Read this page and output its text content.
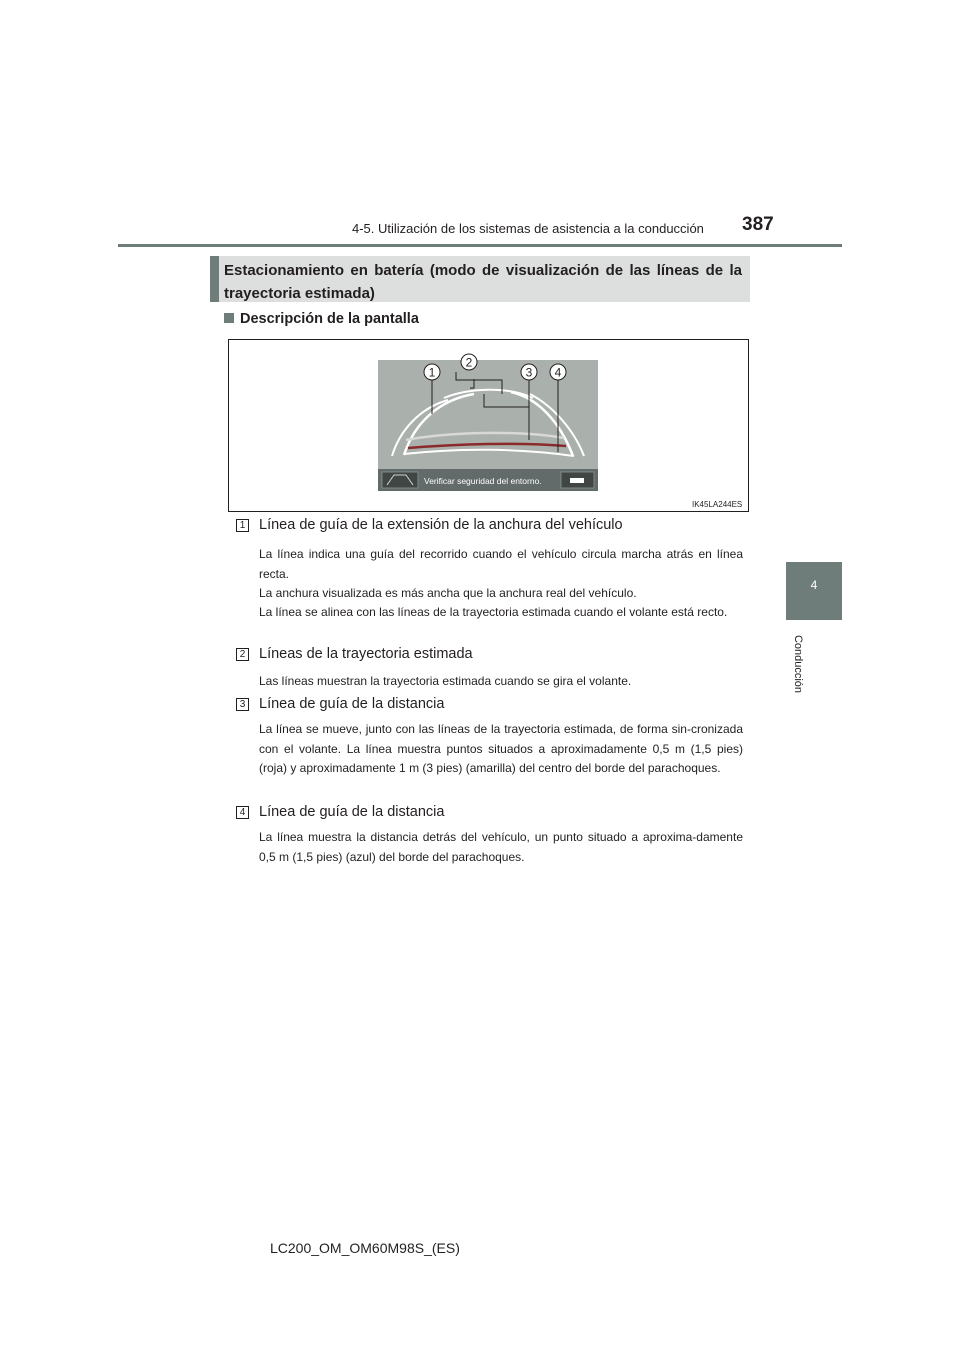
4-5. Utilización de los sistemas de asistencia a la conducción 387
4
Conducción
Estacionamiento en batería (modo de visualización de las líneas de la trayectoria estimada)
Descripción de la pantalla
1
2
3 4
Verificar seguridad del entorno.
IK45LA244ES
1 Línea de guía de la extensión de la anchura del vehículo
La línea indica una guía del recorrido cuando el vehículo circula marcha atrás en línea recta.
La anchura visualizada es más ancha que la anchura real del vehículo.
La línea se alinea con las líneas de la trayectoria estimada cuando el volante está recto.
2 Líneas de la trayectoria estimada
Las líneas muestran la trayectoria estimada cuando se gira el volante.
3 Línea de guía de la distancia
La línea se mueve, junto con las líneas de la trayectoria estimada, de forma sin-cronizada con el volante. La línea muestra puntos situados a aproximadamente 0,5 m (1,5 pies) (roja) y aproximadamente 1 m (3 pies) (amarilla) del centro del borde del parachoques.
4 Línea de guía de la distancia
La línea muestra la distancia detrás del vehículo, un punto situado a aproxima-damente 0,5 m (1,5 pies) (azul) del borde del parachoques.
LC200_OM_OM60M98S_(ES)
